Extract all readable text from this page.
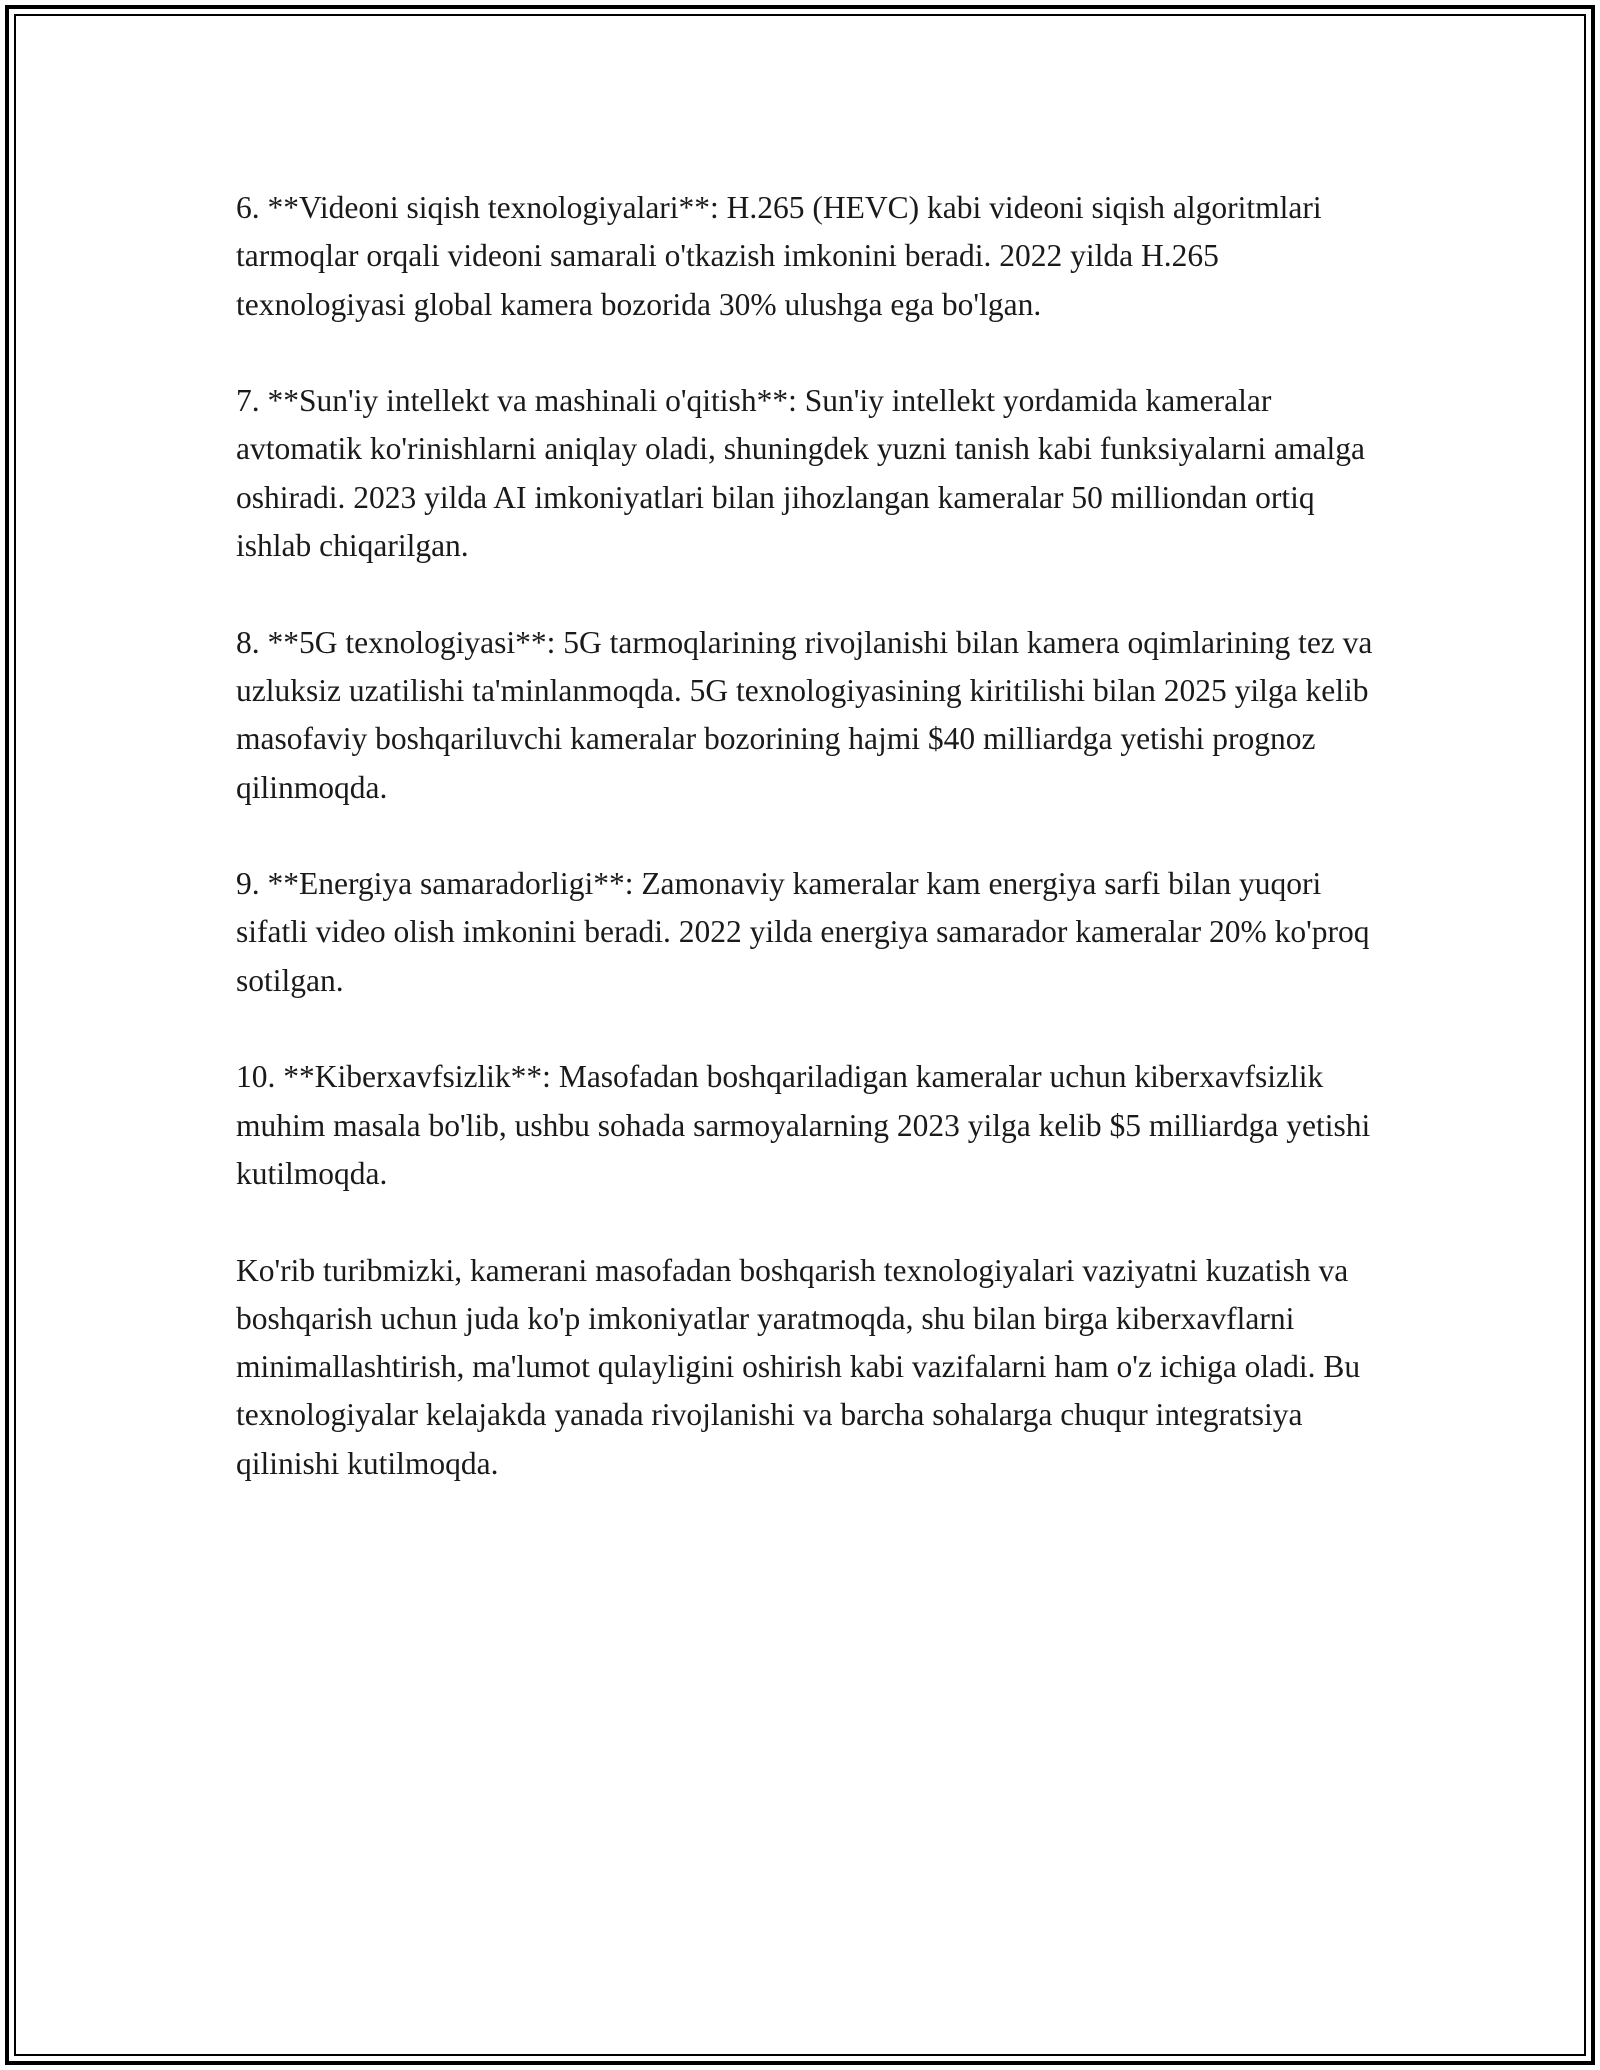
6. **Videoni siqish texnologiyalari**: H.265 (HEVC) kabi videoni siqish algoritmlari tarmoqlar orqali videoni samarali o'tkazish imkonini beradi. 2022 yilda H.265 texnologiyasi global kamera bozorida 30% ulushga ega bo'lgan.

7. **Sun'iy intellekt va mashinali o'qitish**: Sun'iy intellekt yordamida kameralar avtomatik ko'rinishlarni aniqlay oladi, shuningdek yuzni tanish kabi funksiyalarni amalga oshiradi. 2023 yilda AI imkoniyatlari bilan jihozlangan kameralar 50 milliondan ortiq ishlab chiqarilgan.

8. **5G texnologiyasi**: 5G tarmoqlarining rivojlanishi bilan kamera oqimlarining tez va uzluksiz uzatilishi ta'minlanmoqda. 5G texnologiyasining kiritilishi bilan 2025 yilga kelib masofaviy boshqariluvchi kameralar bozorining hajmi $40 milliardga yetishi prognoz qilinmoqda.

9. **Energiya samaradorligi**: Zamonaviy kameralar kam energiya sarfi bilan yuqori sifatli video olish imkonini beradi. 2022 yilda energiya samarador kameralar 20% ko'proq sotilgan.

10. **Kiberxavfsizlik**: Masofadan boshqariladigan kameralar uchun kiberxavfsizlik muhim masala bo'lib, ushbu sohada sarmoyalarning 2023 yilga kelib $5 milliardga yetishi kutilmoqda.

Ko'rib turibmizki, kamerani masofadan boshqarish texnologiyalari vaziyatni kuzatish va boshqarish uchun juda ko'p imkoniyatlar yaratmoqda, shu bilan birga kiberxavflarni minimallashtirish, ma'lumot qulayligini oshirish kabi vazifalarni ham o'z ichiga oladi. Bu texnologiyalar kelajakda yanada rivojlanishi va barcha sohalarga chuqur integratsiya qilinishi kutilmoqda.
